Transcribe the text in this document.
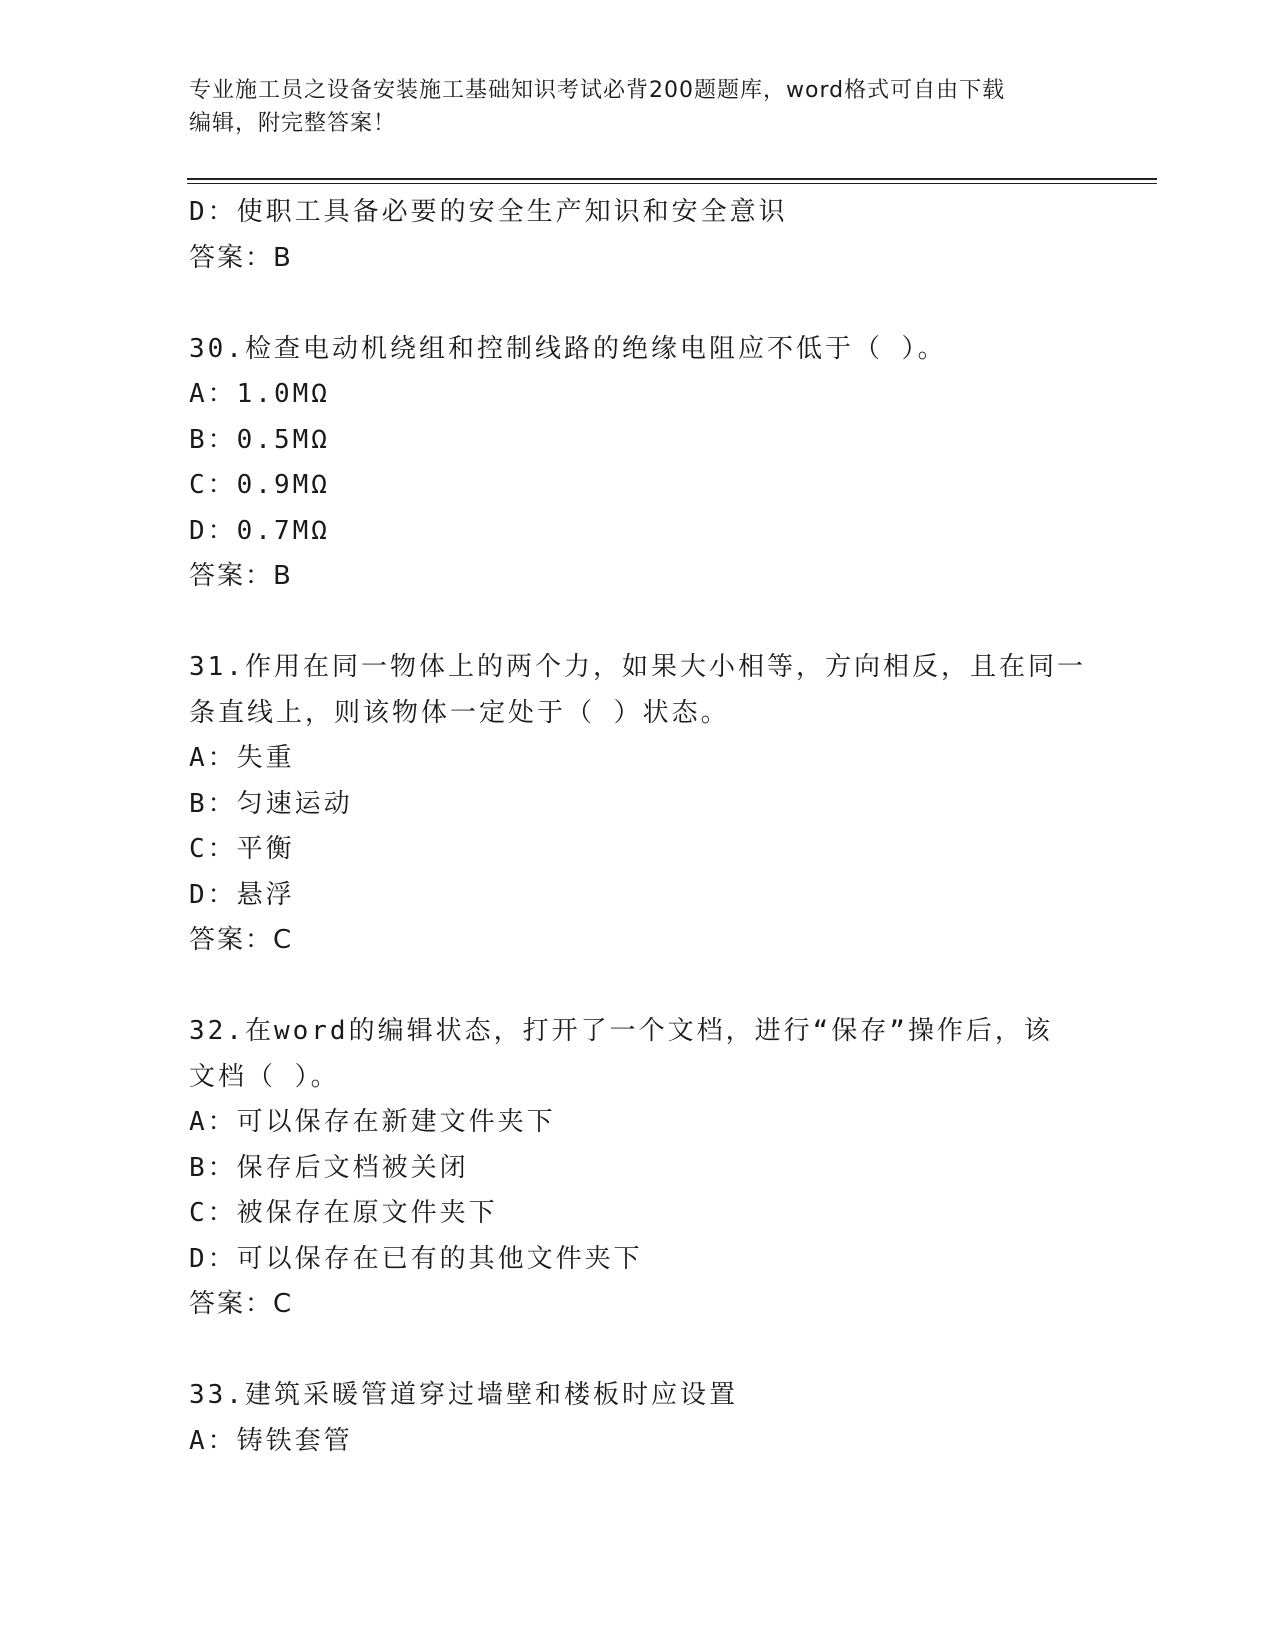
专业施工员之设备安装施工基础知识考试必背200题题库，word格式可自由下载
编辑，附完整答案！
D：使职工具备必要的安全生产知识和安全意识
答案：B
30.检查电动机绕组和控制线路的绝缘电阻应不低于（ ）。
A：1.0MΩ
B：0.5MΩ
C：0.9MΩ
D：0.7MΩ
答案：B
31.作用在同一物体上的两个力，如果大小相等，方向相反，且在同一
条直线上，则该物体一定处于（ ）状态。
A：失重
B：匀速运动
C：平衡
D：悬浮
答案：C
32.在word的编辑状态，打开了一个文档，进行“保存”操作后，该
文档（ ）。
A：可以保存在新建文件夹下
B：保存后文档被关闭
C：被保存在原文件夹下
D：可以保存在已有的其他文件夹下
答案：C
33.建筑采暖管道穿过墙壁和楼板时应设置
A：铸铁套管
